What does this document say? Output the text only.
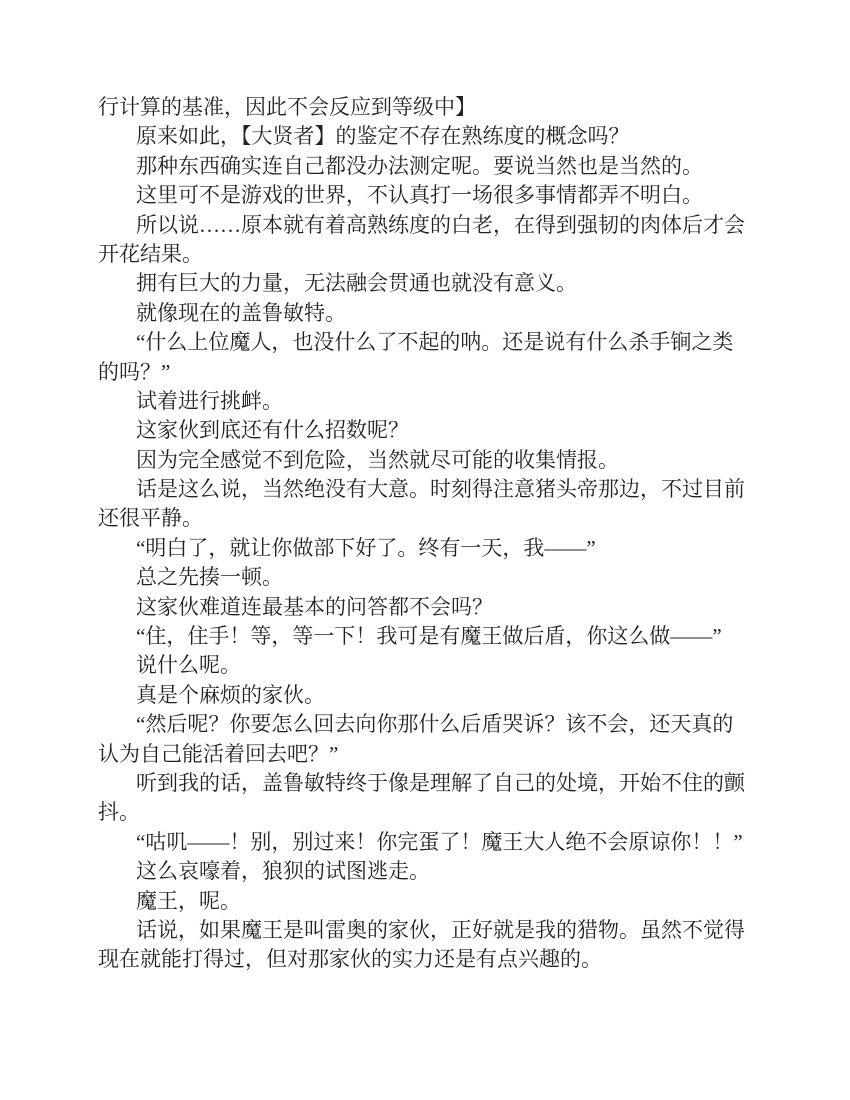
行计算的基准，因此不会反应到等级中】
原来如此，【大贤者】的鉴定不存在熟练度的概念吗？
那种东西确实连自己都没办法测定呢。要说当然也是当然的。
这里可不是游戏的世界，不认真打一场很多事情都弄不明白。
所以说……原本就有着高熟练度的白老，在得到强韧的肉体后才会
开花结果。
拥有巨大的力量，无法融会贯通也就没有意义。
就像现在的盖鲁敏特。
“什么上位魔人，也没什么了不起的呐。还是说有什么杀手锏之类
的吗？”
试着进行挑衅。
这家伙到底还有什么招数呢？
因为完全感觉不到危险，当然就尽可能的收集情报。
话是这么说，当然绝没有大意。时刻得注意猪头帝那边，不过目前
还很平静。
“明白了，就让你做部下好了。终有一天，我——”
总之先揍一顿。
这家伙难道连最基本的问答都不会吗？
“住，住手！等，等一下！我可是有魔王做后盾，你这么做——”
说什么呢。
真是个麻烦的家伙。
“然后呢？你要怎么回去向你那什么后盾哭诉？该不会，还天真的
认为自己能活着回去吧？”
听到我的话，盖鲁敏特终于像是理解了自己的处境，开始不住的颤
抖。
“咕叽——！别，别过来！你完蛋了！魔王大人绝不会原谅你！！”
这么哀嚎着，狼狈的试图逃走。
魔王，呢。
话说，如果魔王是叫雷奥的家伙，正好就是我的猎物。虽然不觉得
现在就能打得过，但对那家伙的实力还是有点兴趣的。
